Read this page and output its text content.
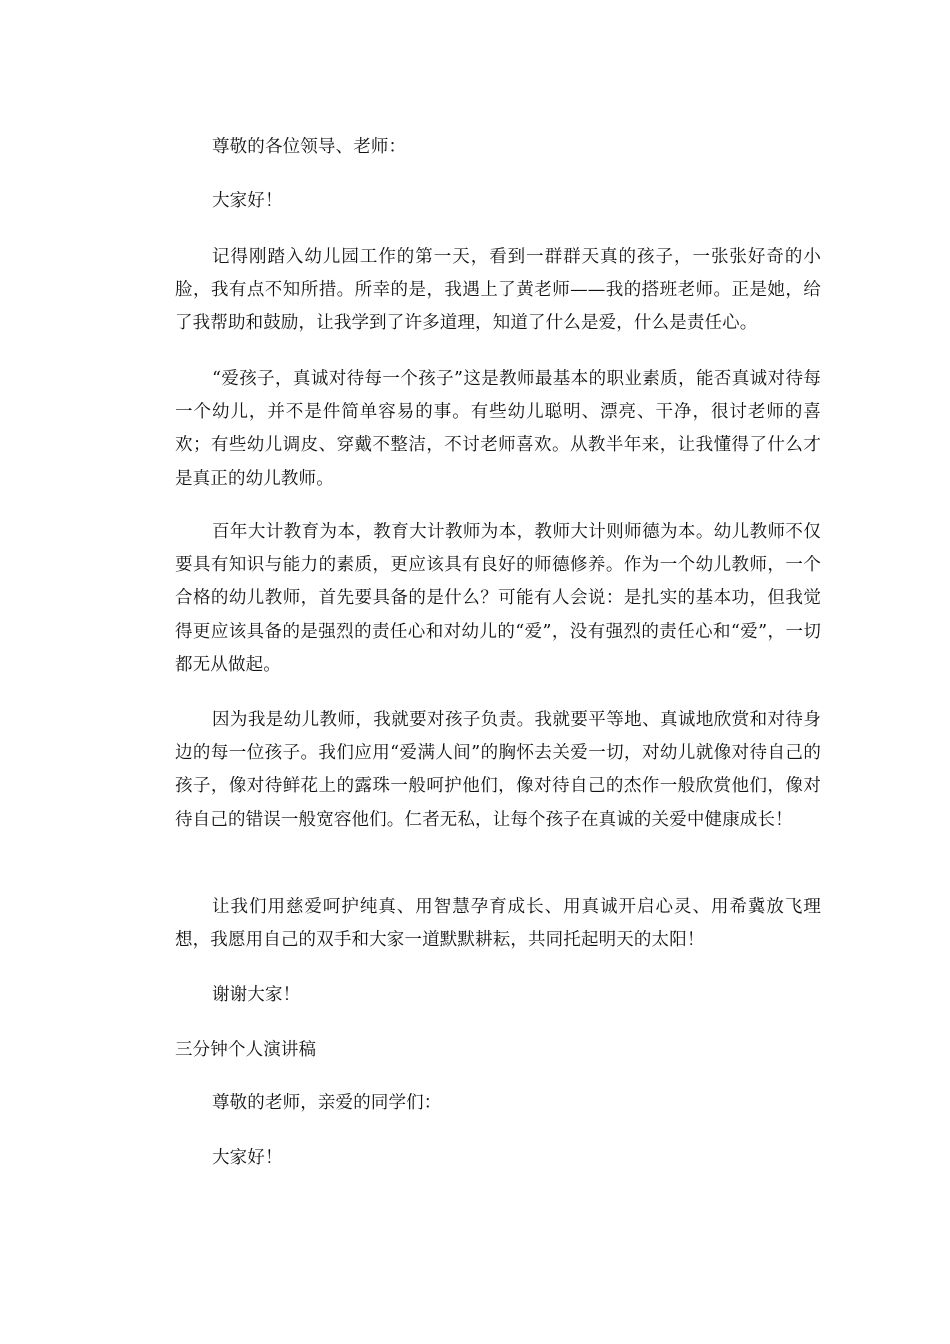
尊敬的各位领导、老师：

大家好！

记得刚踏入幼儿园工作的第一天，看到一群群天真的孩子，一张张好奇的小脸，我有点不知所措。所幸的是，我遇上了黄老师——我的搭班老师。正是她，给了我帮助和鼓励，让我学到了许多道理，知道了什么是爱，什么是责任心。

“爱孩子，真诚对待每一个孩子”这是教师最基本的职业素质，能否真诚对待每一个幼儿，并不是件简单容易的事。有些幼儿聪明、漂亮、干净，很讨老师的喜欢；有些幼儿调皮、穿戴不整洁，不讨老师喜欢。从教半年来，让我懂得了什么才是真正的幼儿教师。

百年大计教育为本，教育大计教师为本，教师大计则师德为本。幼儿教师不仅要具有知识与能力的素质，更应该具有良好的师德修养。作为一个幼儿教师，一个合格的幼儿教师，首先要具备的是什么？可能有人会说：是扎实的基本功，但我觉得更应该具备的是强烈的责任心和对幼儿的“爱”，没有强烈的责任心和“爱”，一切都无从做起。

因为我是幼儿教师，我就要对孩子负责。我就要平等地、真诚地欣赏和对待身边的每一位孩子。我们应用“爱满人间”的胸怀去关爱一切，对幼儿就像对待自己的孩子，像对待鲜花上的露珠一般呵护他们，像对待自己的杰作一般欣赏他们，像对待自己的错误一般宽容他们。仁者无私，让每个孩子在真诚的关爱中健康成长！

让我们用慈爱呵护纯真、用智慧孕育成长、用真诚开启心灵、用希冀放飞理想，我愿用自己的双手和大家一道默默耕耘，共同托起明天的太阳！

谢谢大家！

三分钟个人演讲稿

尊敬的老师，亲爱的同学们：

大家好！
